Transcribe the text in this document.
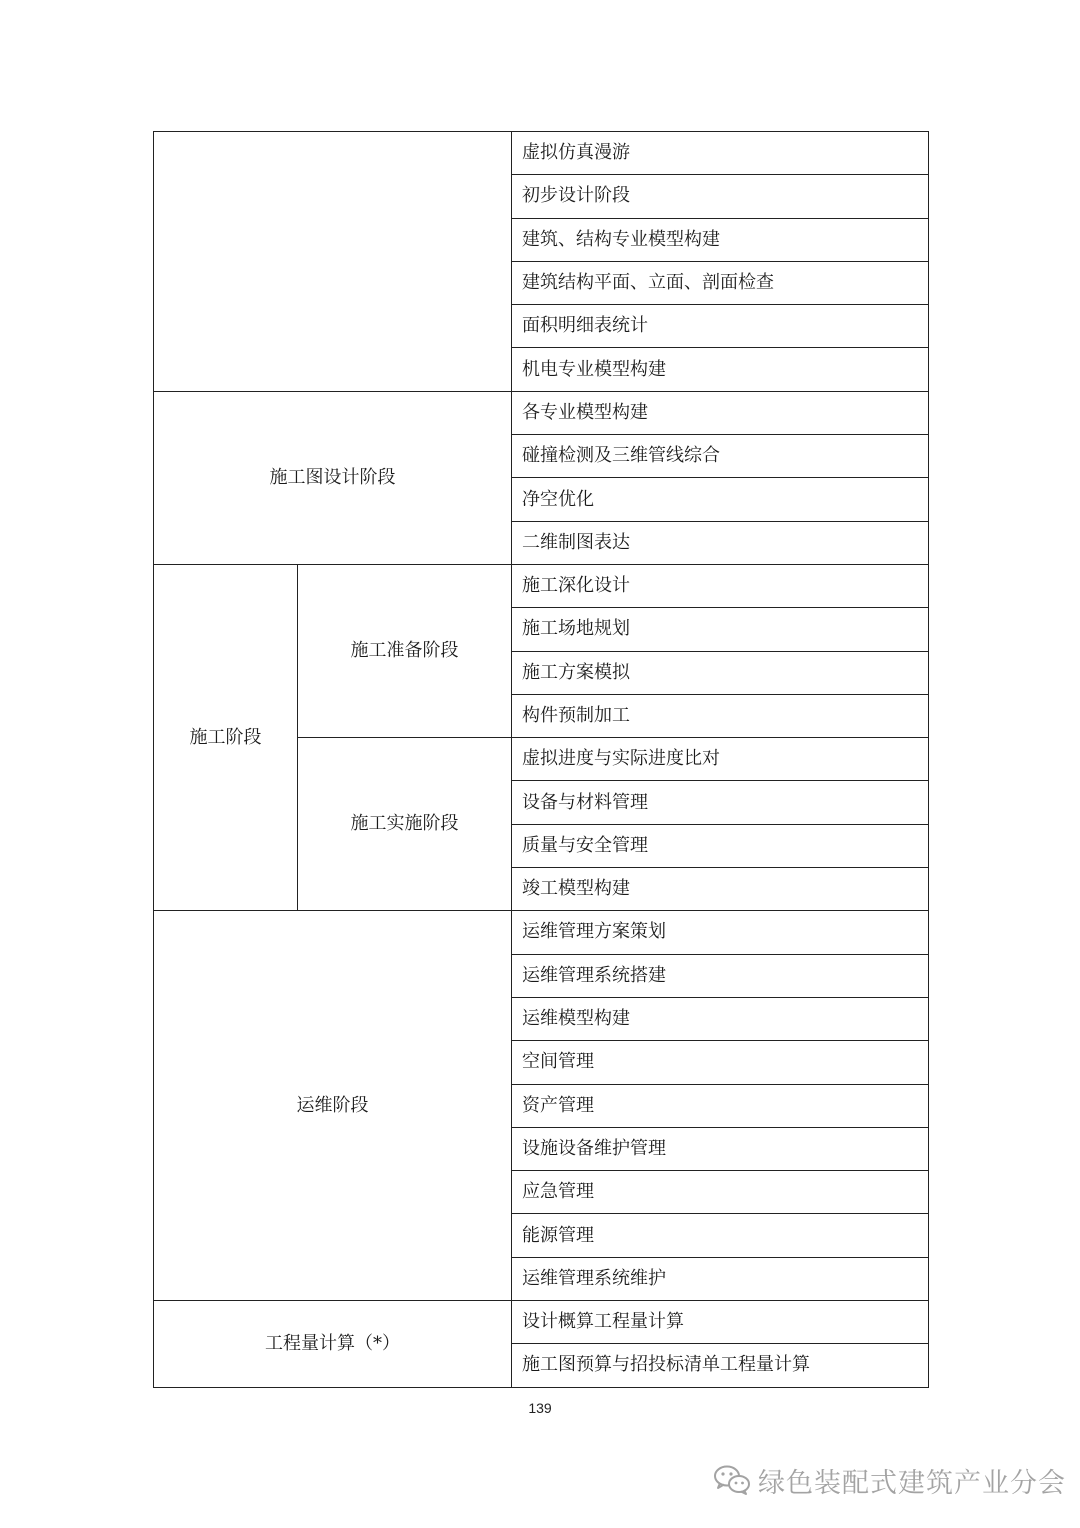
		虚拟仿真漫游
		初步设计阶段
		建筑、结构专业模型构建
		建筑结构平面、立面、剖面检查
		面积明细表统计
		机电专业模型构建
施工图设计阶段		各专业模型构建
		碰撞检测及三维管线综合
		净空优化
		二维制图表达
施工阶段	施工准备阶段	施工深化设计
		施工场地规划
		施工方案模拟
		构件预制加工
	施工实施阶段	虚拟进度与实际进度比对
		设备与材料管理
		质量与安全管理
		竣工模型构建
运维阶段		运维管理方案策划
		运维管理系统搭建
		运维模型构建
		空间管理
		资产管理
		设施设备维护管理
		应急管理
		能源管理
		运维管理系统维护
工程量计算（*）		设计概算工程量计算
		施工图预算与招投标清单工程量计算
139
绿色装配式建筑产业分会
